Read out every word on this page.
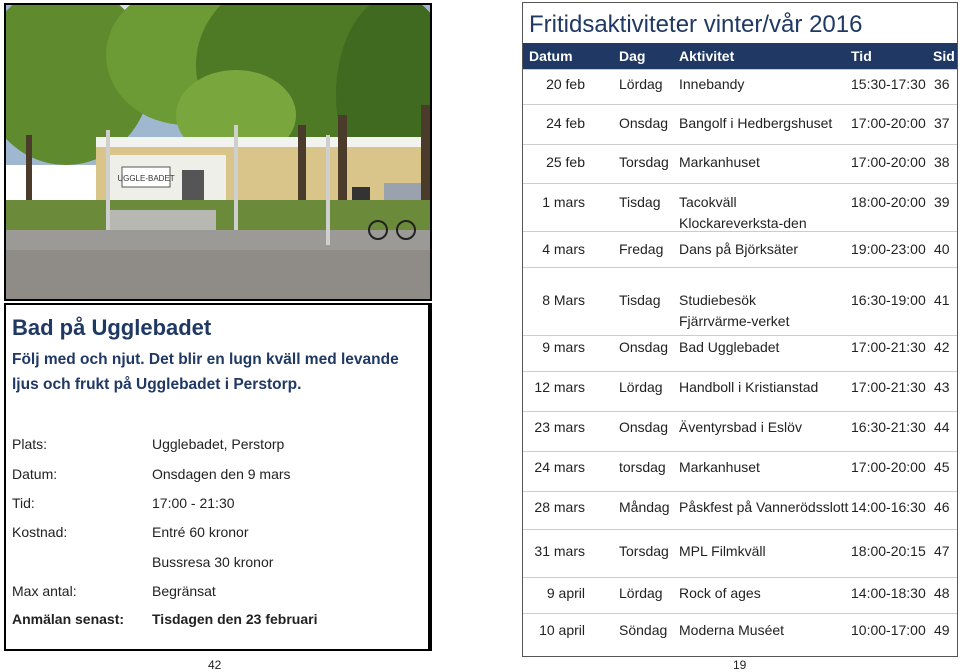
UGGLE-BADET
Bad på Ugglebadet
Följ med och njut. Det blir en lugn kväll med levande ljus och frukt på Ugglebadet i Perstorp.
Plats:	Ugglebadet, Perstorp
Datum:	Onsdagen den 9 mars
Tid:	17:00 - 21:30
Kostnad:	Entré 60 kronor
Bussresa 30 kronor
Max antal:	Begränsat
Anmälan senast: Tisdagen den 23 februari
42
Fritidsaktiviteter vinter/vår 2016
Datum	Dag Aktivitet	Tid	Sid
20 feb Lördag Innebandy	15:30-17:30 36
24 feb Onsdag Bangolf i Hedbergshuset	17:00-20:00 37
25 feb Torsdag Markanhuset	17:00-20:00 38
1 mars Tisdag Tacokväll Klockareverksta-den
18:00-20:00 39
4 mars Fredag Dans på Björksäter	19:00-23:00 40
8 Mars Tisdag Studiebesök Fjärrvärme-verket
16:30-19:00 41
9 mars Onsdag Bad Ugglebadet	17:00-21:30 42
12 mars Lördag Handboll i Kristianstad	17:00-21:30 43
23 mars Onsdag Äventyrsbad i Eslöv	16:30-21:30 44
24 mars torsdag Markanhuset	17:00-20:00 45
28 mars Måndag Påskfest på Vannerödsslott 14:00-16:30 46
31 mars Torsdag MPL Filmkväll	18:00-20:15 47
9 april Lördag Rock of ages	14:00-18:30 48
10 april Söndag Moderna Muséet	10:00-17:00 49
19
